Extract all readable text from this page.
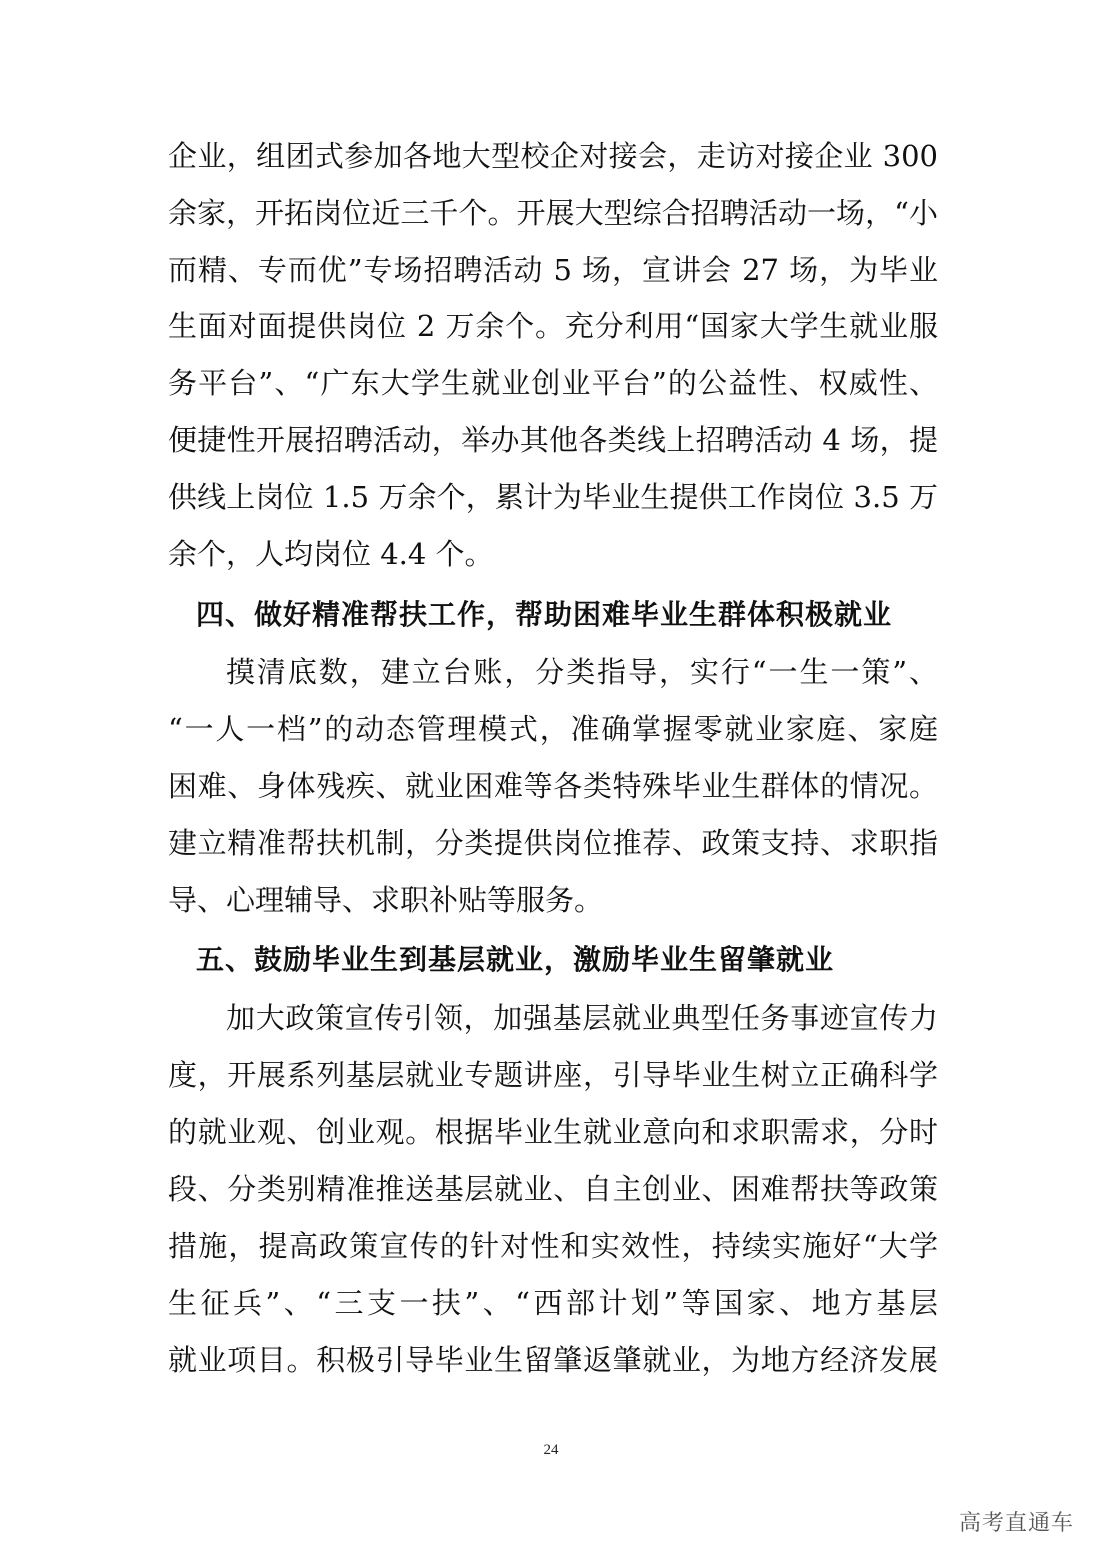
企业，组团式参加各地大型校企对接会，走访对接企业 300
余家，开拓岗位近三千个。开展大型综合招聘活动一场，“小
而精、专而优”专场招聘活动 5 场，宣讲会 27 场，为毕业
生面对面提供岗位 2 万余个。充分利用“国家大学生就业服
务平台”、“广东大学生就业创业平台”的公益性、权威性、
便捷性开展招聘活动，举办其他各类线上招聘活动 4 场，提
供线上岗位 1.5 万余个，累计为毕业生提供工作岗位 3.5 万
余个，人均岗位 4.4 个。
四、做好精准帮扶工作，帮助困难毕业生群体积极就业
摸清底数，建立台账，分类指导，实行“一生一策”、
“一人一档”的动态管理模式，准确掌握零就业家庭、家庭
困难、身体残疾、就业困难等各类特殊毕业生群体的情况。
建立精准帮扶机制，分类提供岗位推荐、政策支持、求职指
导、心理辅导、求职补贴等服务。
五、鼓励毕业生到基层就业，激励毕业生留肇就业
加大政策宣传引领，加强基层就业典型任务事迹宣传力
度，开展系列基层就业专题讲座，引导毕业生树立正确科学
的就业观、创业观。根据毕业生就业意向和求职需求，分时
段、分类别精准推送基层就业、自主创业、困难帮扶等政策
措施，提高政策宣传的针对性和实效性，持续实施好“大学
生征兵”、“三支一扶”、“西部计划”等国家、地方基层
就业项目。积极引导毕业生留肇返肇就业，为地方经济发展
24
高考直通车
